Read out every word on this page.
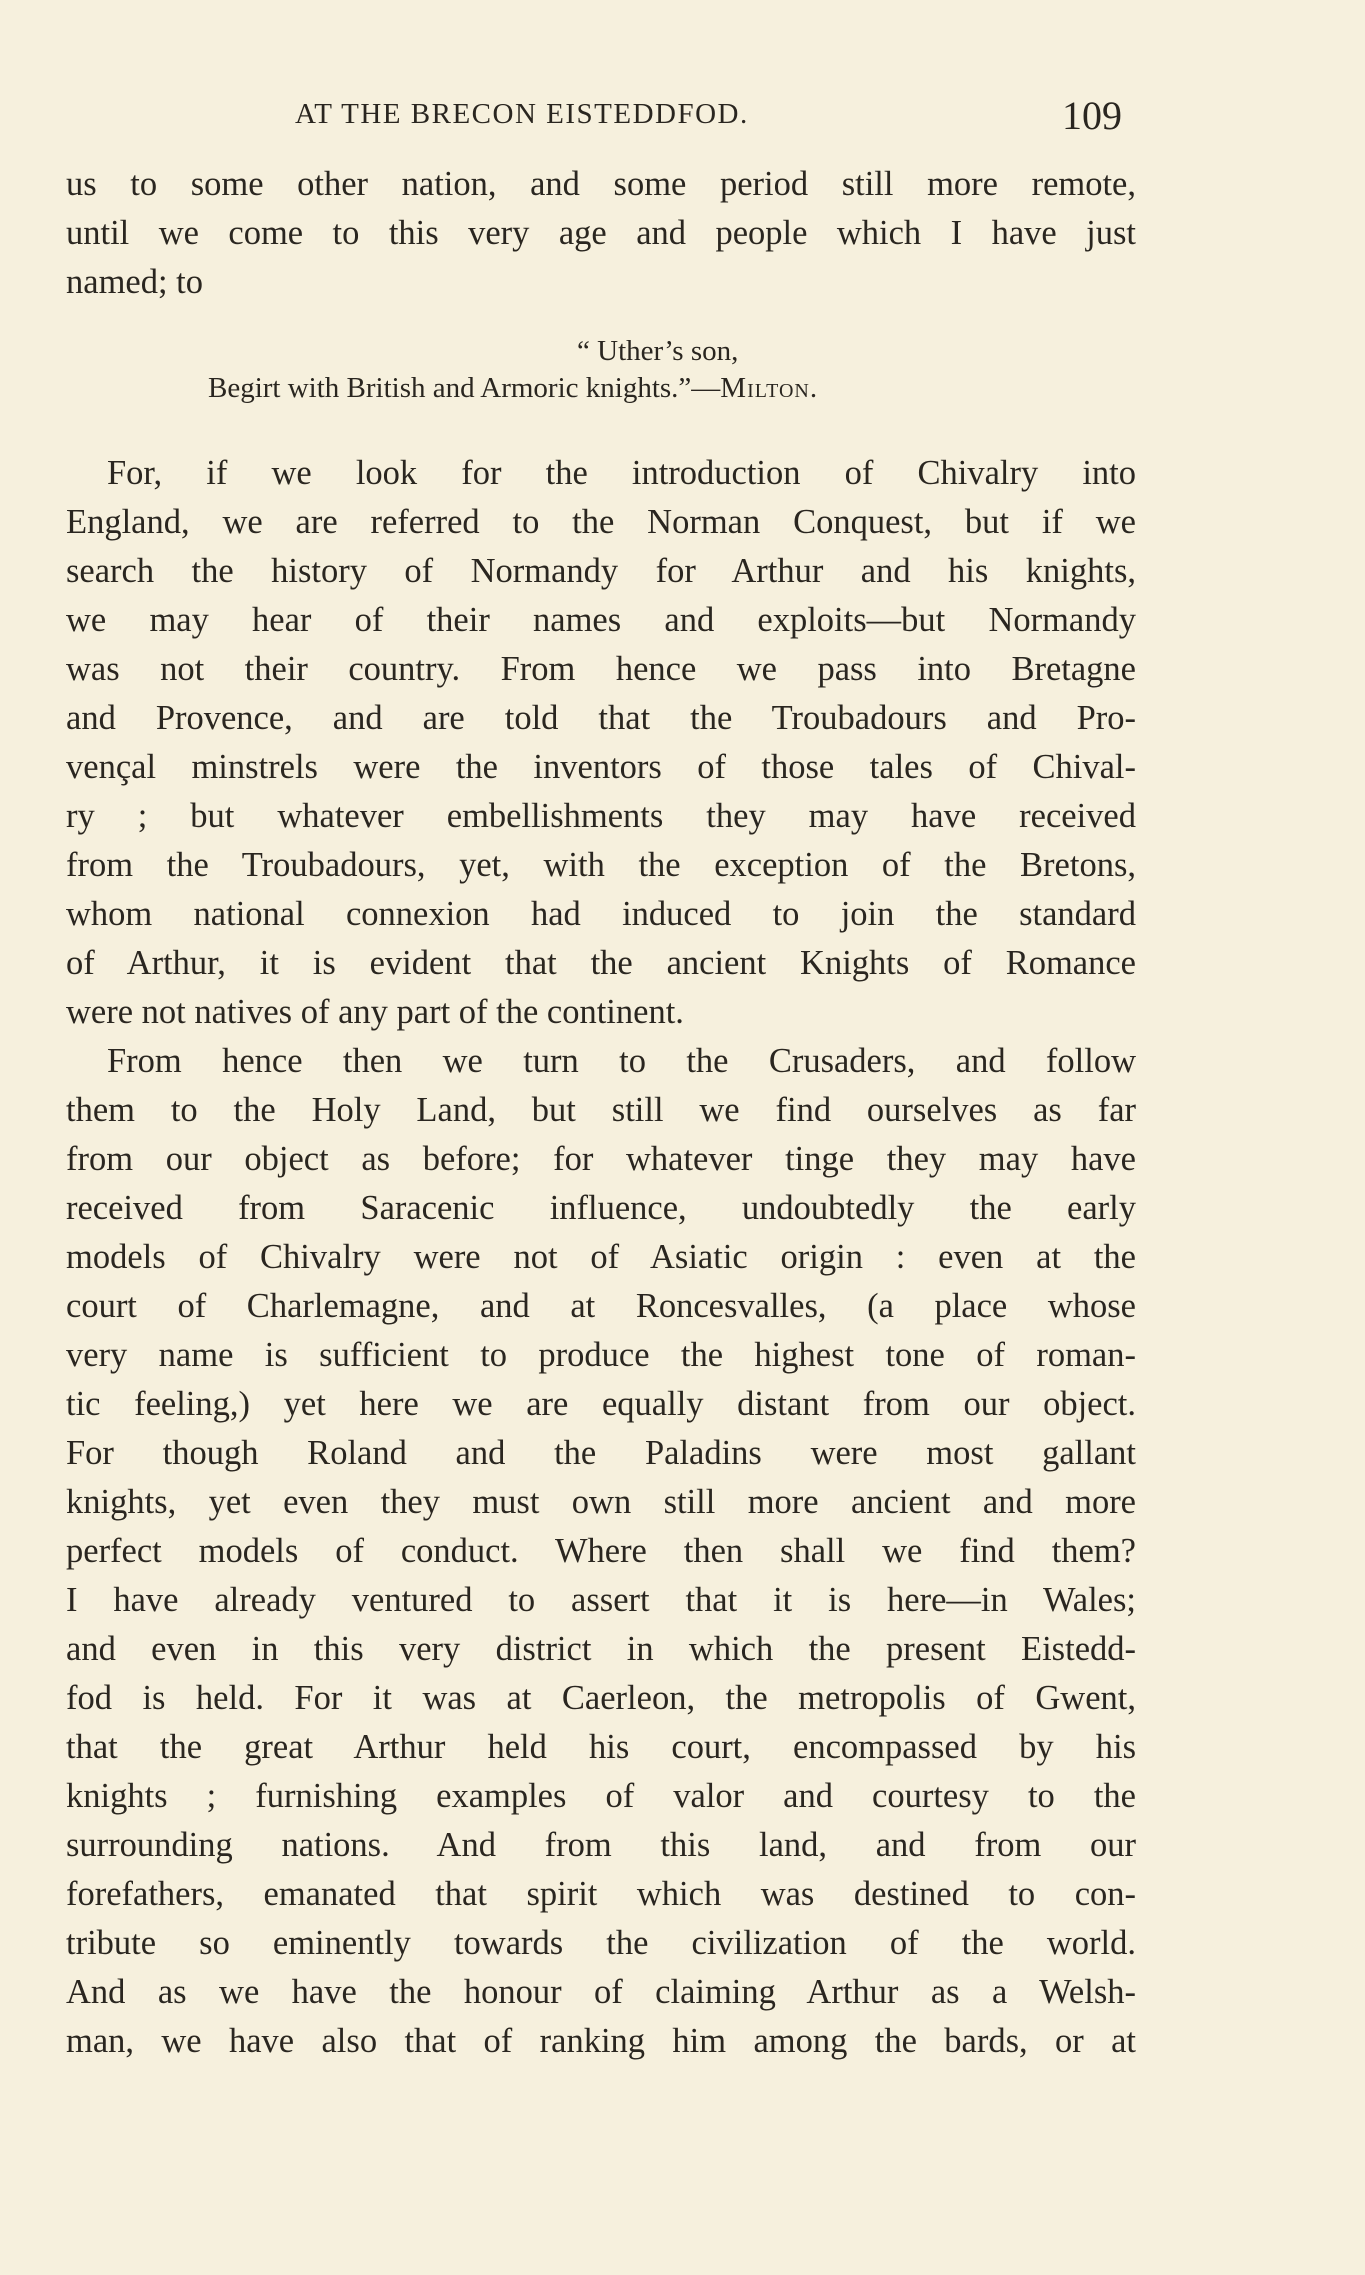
AT THE BRECON EISTEDDFOD.	109
us to some other nation, and some period still more remote,
until we come to this very age and people which I have just
named; to
“ Uther’s son,
Begirt with British and Armoric knights.”—Milton.
For, if we look for the introduction of Chivalry into
England, we are referred to the Norman Conquest, but if we
search the history of Normandy for Arthur and his knights,
we may hear of their names and exploits—but Normandy
was not their country. From hence we pass into Bretagne
and Provence, and are told that the Troubadours and Pro-
vençal minstrels were the inventors of those tales of Chival-
ry ; but whatever embellishments they may have received
from the Troubadours, yet, with the exception of the Bretons,
whom national connexion had induced to join the standard
of Arthur, it is evident that the ancient Knights of Romance
were not natives of any part of the continent.
From hence then we turn to the Crusaders, and follow
them to the Holy Land, but still we find ourselves as far
from our object as before; for whatever tinge they may have
received from Saracenic influence, undoubtedly the early
models of Chivalry were not of Asiatic origin : even at the
court of Charlemagne, and at Roncesvalles, (a place whose
very name is sufficient to produce the highest tone of roman-
tic feeling,) yet here we are equally distant from our object.
For though Roland and the Paladins were most gallant
knights, yet even they must own still more ancient and more
perfect models of conduct. Where then shall we find them?
I have already ventured to assert that it is here—in Wales;
and even in this very district in which the present Eistedd-
fod is held. For it was at Caerleon, the metropolis of Gwent,
that the great Arthur held his court, encompassed by his
knights ; furnishing examples of valor and courtesy to the
surrounding nations. And from this land, and from our
forefathers, emanated that spirit which was destined to con-
tribute so eminently towards the civilization of the world.
And as we have the honour of claiming Arthur as a Welsh-
man, we have also that of ranking him among the bards, or at
